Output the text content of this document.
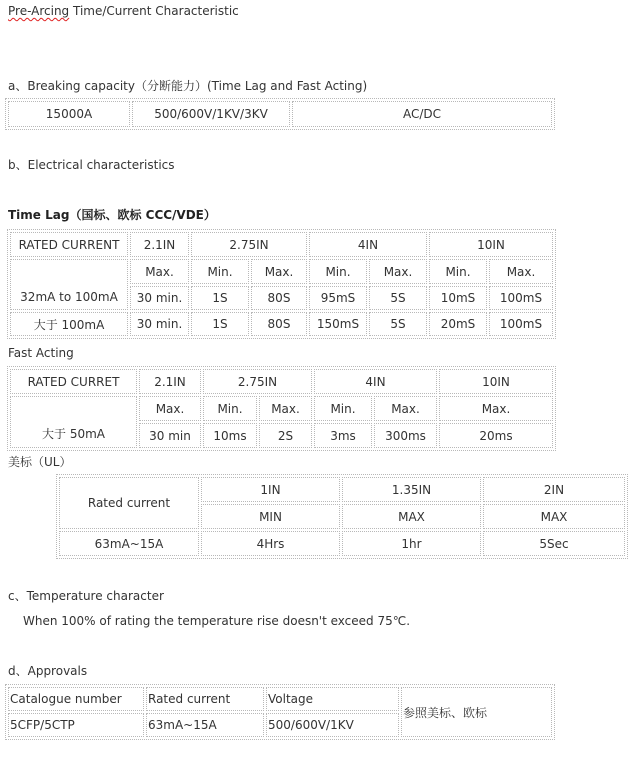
Pre-Arcing Time/Current Characteristic
a、Breaking capacity（分断能力）(Time Lag and Fast Acting)
15000A	500/600V/1KV/3KV	AC/DC
b、Electrical characteristics
Time Lag（国标、欧标 CCC/VDE）
RATED CURRENT	2.1IN	2.75IN		4IN		10IN	
32mA to 100mA	Max.	Min.	Max.	Min.	Max.	Min.	Max.
	30 min.	1S	80S	95mS	5S	10mS	100mS
大于 100mA	30 min.	1S	80S	150mS	5S	20mS	100mS
Fast Acting
RATED CURRET	2.1IN	2.75IN		4IN		10IN
大于 50mA	Max.	Min.	Max.	Min.	Max.	Max.
	30 min	10ms	2S	3ms	300ms	20ms
美标（UL）
Rated current	1IN	1.35IN	2IN
	MIN	MAX	MAX
63mA~15A	4Hrs	1hr	5Sec
c、Temperature character
When 100% of rating the temperature rise doesn't exceed 75℃.
d、Approvals
Catalogue number	Rated current	Voltage	参照美标、欧标
5CFP/5CTP	63mA~15A	500/600V/1KV	
